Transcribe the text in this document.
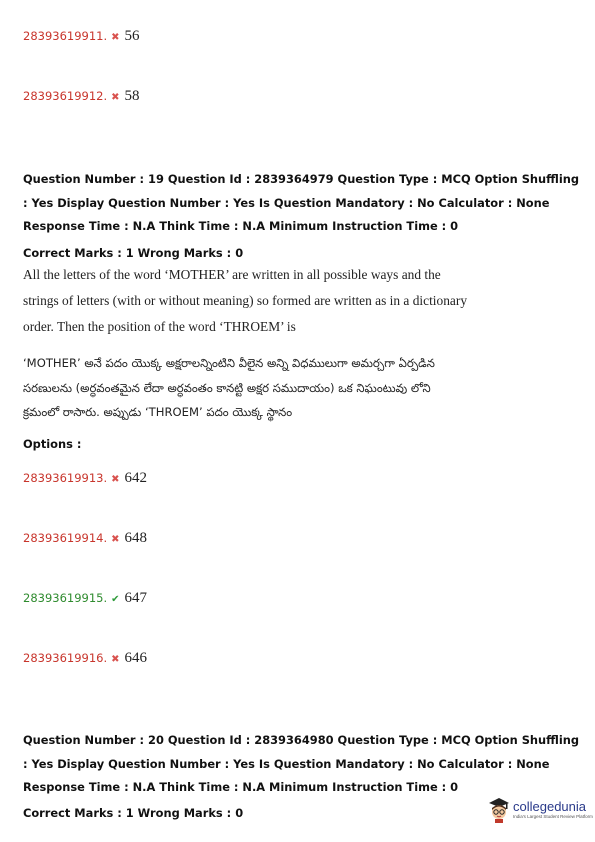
28393619911. ✖ 56
28393619912. ✖ 58
Question Number : 19 Question Id : 2839364979 Question Type : MCQ Option Shuffling : Yes Display Question Number : Yes Is Question Mandatory : No Calculator : None Response Time : N.A Think Time : N.A Minimum Instruction Time : 0
Correct Marks : 1 Wrong Marks : 0
All the letters of the word ‘MOTHER’ are written in all possible ways and the strings of letters (with or without meaning) so formed are written as in a dictionary order. Then the position of the word ‘THROEM’ is
‘MOTHER’ అనే పదం యొక్క అక్షరాలన్నింటిని వీలైన అన్ని విధములుగా అమర్చగా ఏర్పడిన సరణులను (అర్ధవంతమైన లేదా అర్ధవంతం కానట్టి అక్షర సముదాయం) ఒక నిఘంటువు లోని క్రమంలో రాసారు. అప్పుడు ‘THROEM’ పదం యొక్క స్థానం
Options :
28393619913. ✖ 642
28393619914. ✖ 648
28393619915. ✔ 647
28393619916. ✖ 646
Question Number : 20 Question Id : 2839364980 Question Type : MCQ Option Shuffling : Yes Display Question Number : Yes Is Question Mandatory : No Calculator : None Response Time : N.A Think Time : N.A Minimum Instruction Time : 0
Correct Marks : 1 Wrong Marks : 0	collegedunia
India's Largest Student Review Platform
